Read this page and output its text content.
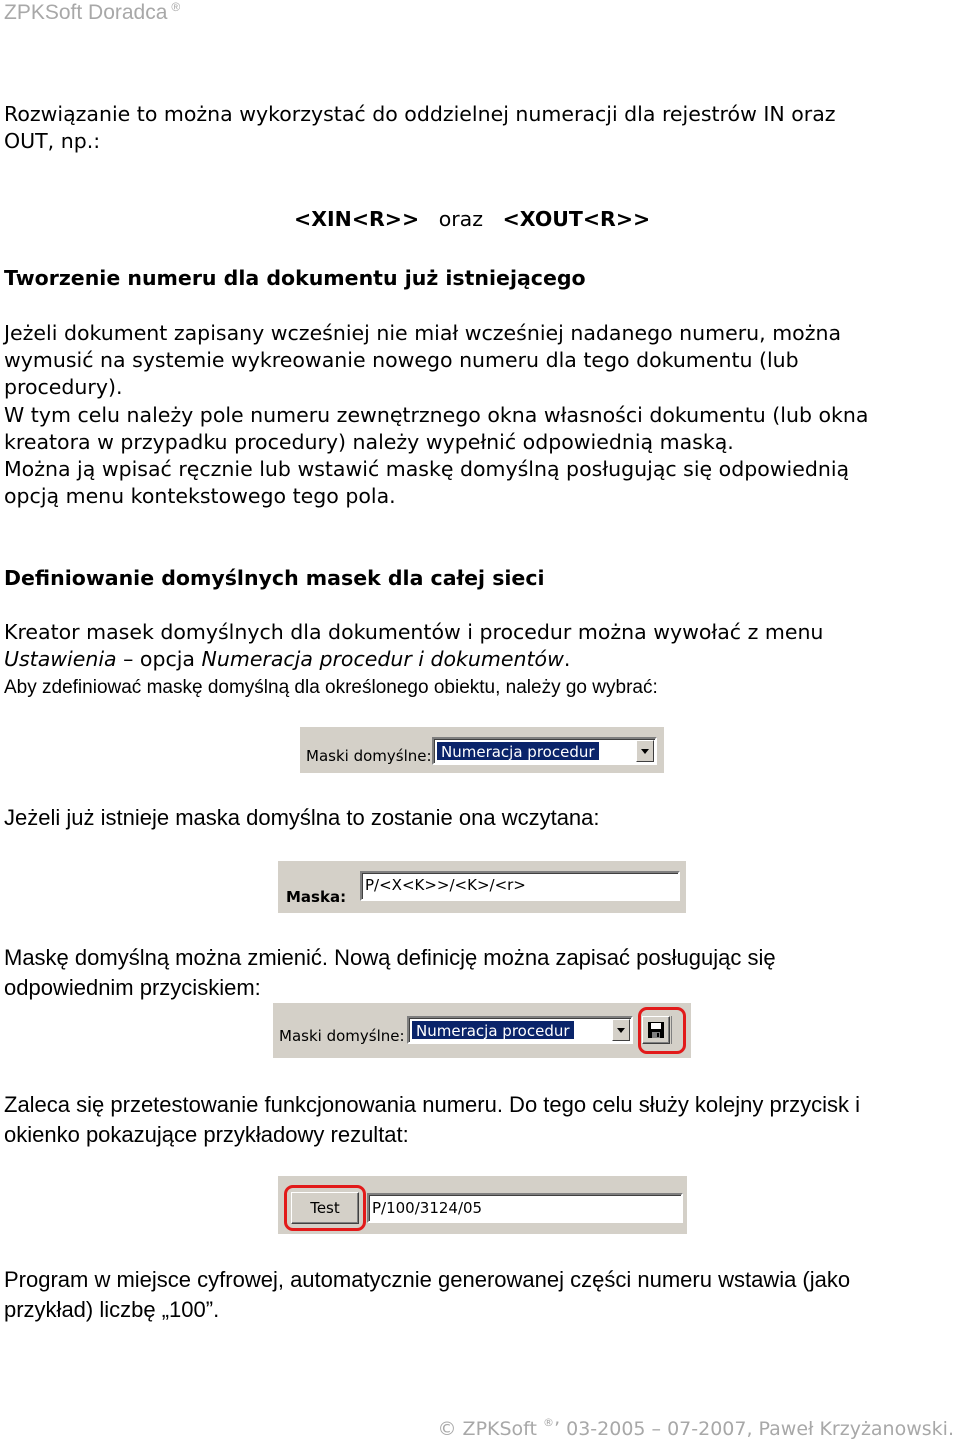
ZPKSoft Doradca ®
Rozwiązanie to można wykorzystać do oddzielnej numeracji dla rejestrów IN oraz
OUT, np.:

<XIN<R>> oraz <XOUT<R>>

Tworzenie numeru dla dokumentu już istniejącego
Jeżeli dokument zapisany wcześniej nie miał wcześniej nadanego numeru, można
wymusić na systemie wykreowanie nowego numeru dla tego dokumentu (lub
procedury).
W tym celu należy pole numeru zewnętrznego okna własności dokumentu (lub okna
kreatora w przypadku procedury) należy wypełnić odpowiednią maską.
Można ją wpisać ręcznie lub wstawić maskę domyślną posługując się odpowiednią
opcją menu kontekstowego tego pola.
Definiowanie domyślnych masek dla całej sieci
Kreator masek domyślnych dla dokumentów i procedur można wywołać z menu
Ustawienia – opcja Numeracja procedur i dokumentów.
Aby zdefiniować maskę domyślną dla określonego obiektu, należy go wybrać:
Maski domyślne: Numeracja procedur
Jeżeli już istnieje maska domyślna to zostanie ona wczytana:
Maska:
P/<X<K>>/<K>/<r>
Maskę domyślną można zmienić. Nową definicję można zapisać posługując się
odpowiednim przyciskiem:
Maski domyślne: Numeracja procedur
Zaleca się przetestowanie funkcjonowania numeru. Do tego celu służy kolejny przycisk i
okienko pokazujące przykładowy rezultat:
Test	P/100/3124/05
Program w miejsce cyfrowej, automatycznie generowanej części numeru wstawia (jako
przykład) liczbę „100”.
© ZPKSoft ®’ 03-2005 – 07-2007, Paweł Krzyżanowski.
